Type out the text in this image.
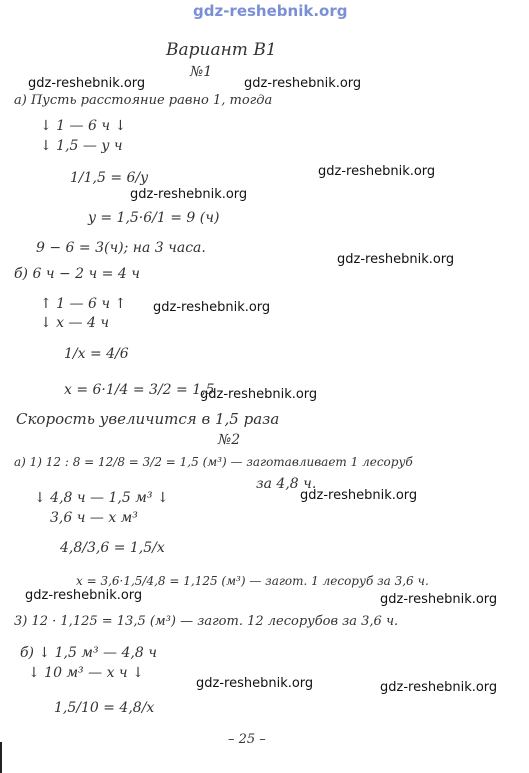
gdz-reshebnik.org
gdz-reshebnik.org	gdz-reshebnik.org
gdz-reshebnik.org
gdz-reshebnik.org
gdz-reshebnik.org
gdz-reshebnik.org
gdz-reshebnik.org
gdz-reshebnik.org
gdz-reshebnik.org	gdz-reshebnik.org
gdz-reshebnik.org	gdz-reshebnik.org
Вариант В1
№1
а) Пусть расстояние равно 1, тогда
↓ 1 — 6 ч ↓
↓ 1,5 — у ч
1/1,5 = 6/y
y = 1,5·6/1 = 9 (ч)
9 − 6 = 3(ч); на 3 часа.
б) 6 ч − 2 ч = 4 ч
↑ 1 — 6 ч ↑
↓ x — 4 ч
1/x = 4/6
x = 6·1/4 = 3/2 = 1,5
Скорость увеличится в 1,5 раза
№2
а) 1) 12 : 8 = 12/8 = 3/2 = 1,5 (м³) — заготавливает 1 лесоруб
за 4,8 ч.
↓ 4,8 ч — 1,5 м³ ↓
3,6 ч — x м³
4,8/3,6 = 1,5/x
x = 3,6·1,5/4,8 = 1,125 (м³) — загот. 1 лесоруб за 3,6 ч.
3) 12 · 1,125 = 13,5 (м³) — загот. 12 лесорубов за 3,6 ч.
б) ↓ 1,5 м³ — 4,8 ч
↓ 10 м³ — x ч ↓
1,5/10 = 4,8/x
– 25 –
